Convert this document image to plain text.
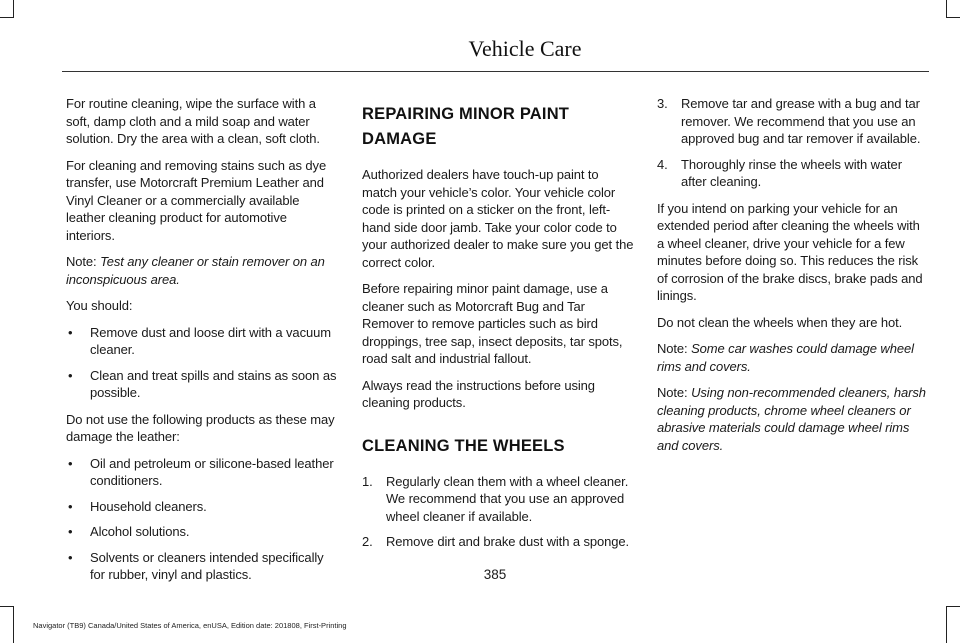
Vehicle Care

For routine cleaning, wipe the surface with a soft, damp cloth and a mild soap and water solution. Dry the area with a clean, soft cloth.

For cleaning and removing stains such as dye transfer, use Motorcraft Premium Leather and Vinyl Cleaner or a commercially available leather cleaning product for automotive interiors.

Note: Test any cleaner or stain remover on an inconspicuous area.

You should:

• Remove dust and loose dirt with a vacuum cleaner.
• Clean and treat spills and stains as soon as possible.

Do not use the following products as these may damage the leather:

• Oil and petroleum or silicone-based leather conditioners.
• Household cleaners.
• Alcohol solutions.
• Solvents or cleaners intended specifically for rubber, vinyl and plastics.
REPAIRING MINOR PAINT
DAMAGE

Authorized dealers have touch-up paint to match your vehicle’s color. Your vehicle color code is printed on a sticker on the front, left-hand side door jamb. Take your color code to your authorized dealer to make sure you get the correct color.

Before repairing minor paint damage, use a cleaner such as Motorcraft Bug and Tar Remover to remove particles such as bird droppings, tree sap, insect deposits, tar spots, road salt and industrial fallout.

Always read the instructions before using cleaning products.

CLEANING THE WHEELS
1. Regularly clean them with a wheel cleaner. We recommend that you use an approved wheel cleaner if available.
2. Remove dirt and brake dust with a sponge.
3. Remove tar and grease with a bug and tar remover. We recommend that you use an approved bug and tar remover if available.
4. Thoroughly rinse the wheels with water after cleaning.

If you intend on parking your vehicle for an extended period after cleaning the wheels with a wheel cleaner, drive your vehicle for a few minutes before doing so. This reduces the risk of corrosion of the brake discs, brake pads and linings.

Do not clean the wheels when they are hot.

Note: Some car washes could damage wheel rims and covers.

Note: Using non-recommended cleaners, harsh cleaning products, chrome wheel cleaners or abrasive materials could damage wheel rims and covers.

385
Navigator (TB9) Canada/United States of America, enUSA, Edition date: 201808, First-Printing
